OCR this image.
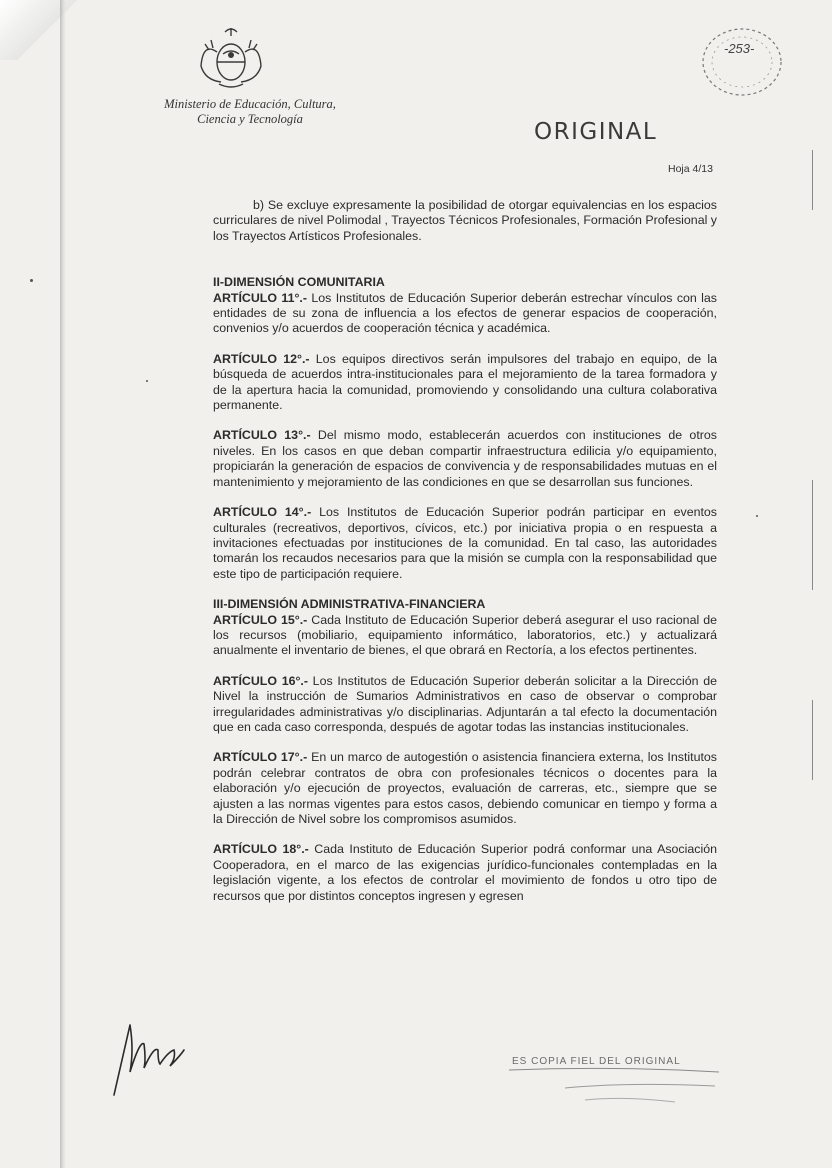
Ministerio de Educación, Cultura,
Ciencia y Tecnología
-253-
ORIGINAL
Hoja 4/13

b) Se excluye expresamente la posibilidad de otorgar equivalencias en los espacios curriculares de nivel Polimodal , Trayectos Técnicos Profesionales, Formación Profesional y los Trayectos Artísticos Profesionales.

II-DIMENSIÓN COMUNITARIA

ARTÍCULO 11°.- Los Institutos de Educación Superior deberán estrechar vínculos con las entidades de su zona de influencia a los efectos de generar espacios de cooperación, convenios y/o acuerdos de cooperación técnica y académica.

ARTÍCULO 12°.- Los equipos directivos serán impulsores del trabajo en equipo, de la búsqueda de acuerdos intra-institucionales para el mejoramiento de la tarea formadora y de la apertura hacia la comunidad, promoviendo y consolidando una cultura colaborativa permanente.

ARTÍCULO 13°.- Del mismo modo, establecerán acuerdos con instituciones de otros niveles. En los casos en que deban compartir infraestructura edilicia y/o equipamiento, propiciarán la generación de espacios de convivencia y de responsabilidades mutuas en el mantenimiento y mejoramiento de las condiciones en que se desarrollan sus funciones.

ARTÍCULO 14°.- Los Institutos de Educación Superior podrán participar en eventos culturales (recreativos, deportivos, cívicos, etc.) por iniciativa propia o en respuesta a invitaciones efectuadas por instituciones de la comunidad. En tal caso, las autoridades tomarán los recaudos necesarios para que la misión se cumpla con la responsabilidad que este tipo de participación requiere.

III-DIMENSIÓN ADMINISTRATIVA-FINANCIERA

ARTÍCULO 15°.- Cada Instituto de Educación Superior deberá asegurar el uso racional de los recursos (mobiliario, equipamiento informático, laboratorios, etc.) y actualizará anualmente el inventario de bienes, el que obrará en Rectoría, a los efectos pertinentes.

ARTÍCULO 16°.- Los Institutos de Educación Superior deberán solicitar a la Dirección de Nivel la instrucción de Sumarios Administrativos en caso de observar o comprobar irregularidades administrativas y/o disciplinarias. Adjuntarán a tal efecto la documentación que en cada caso corresponda, después de agotar todas las instancias institucionales.

ARTÍCULO 17°.- En un marco de autogestión o asistencia financiera externa, los Institutos podrán celebrar contratos de obra con profesionales técnicos o docentes para la elaboración y/o ejecución de proyectos, evaluación de carreras, etc., siempre que se ajusten a las normas vigentes para estos casos, debiendo comunicar en tiempo y forma a la Dirección de Nivel sobre los compromisos asumidos.

ARTÍCULO 18°.- Cada Instituto de Educación Superior podrá conformar una Asociación Cooperadora, en el marco de las exigencias jurídico-funcionales contempladas en la legislación vigente, a los efectos de controlar el movimiento de fondos u otro tipo de recursos que por distintos conceptos ingresen y egresen

ES COPIA FIEL DEL ORIGINAL
